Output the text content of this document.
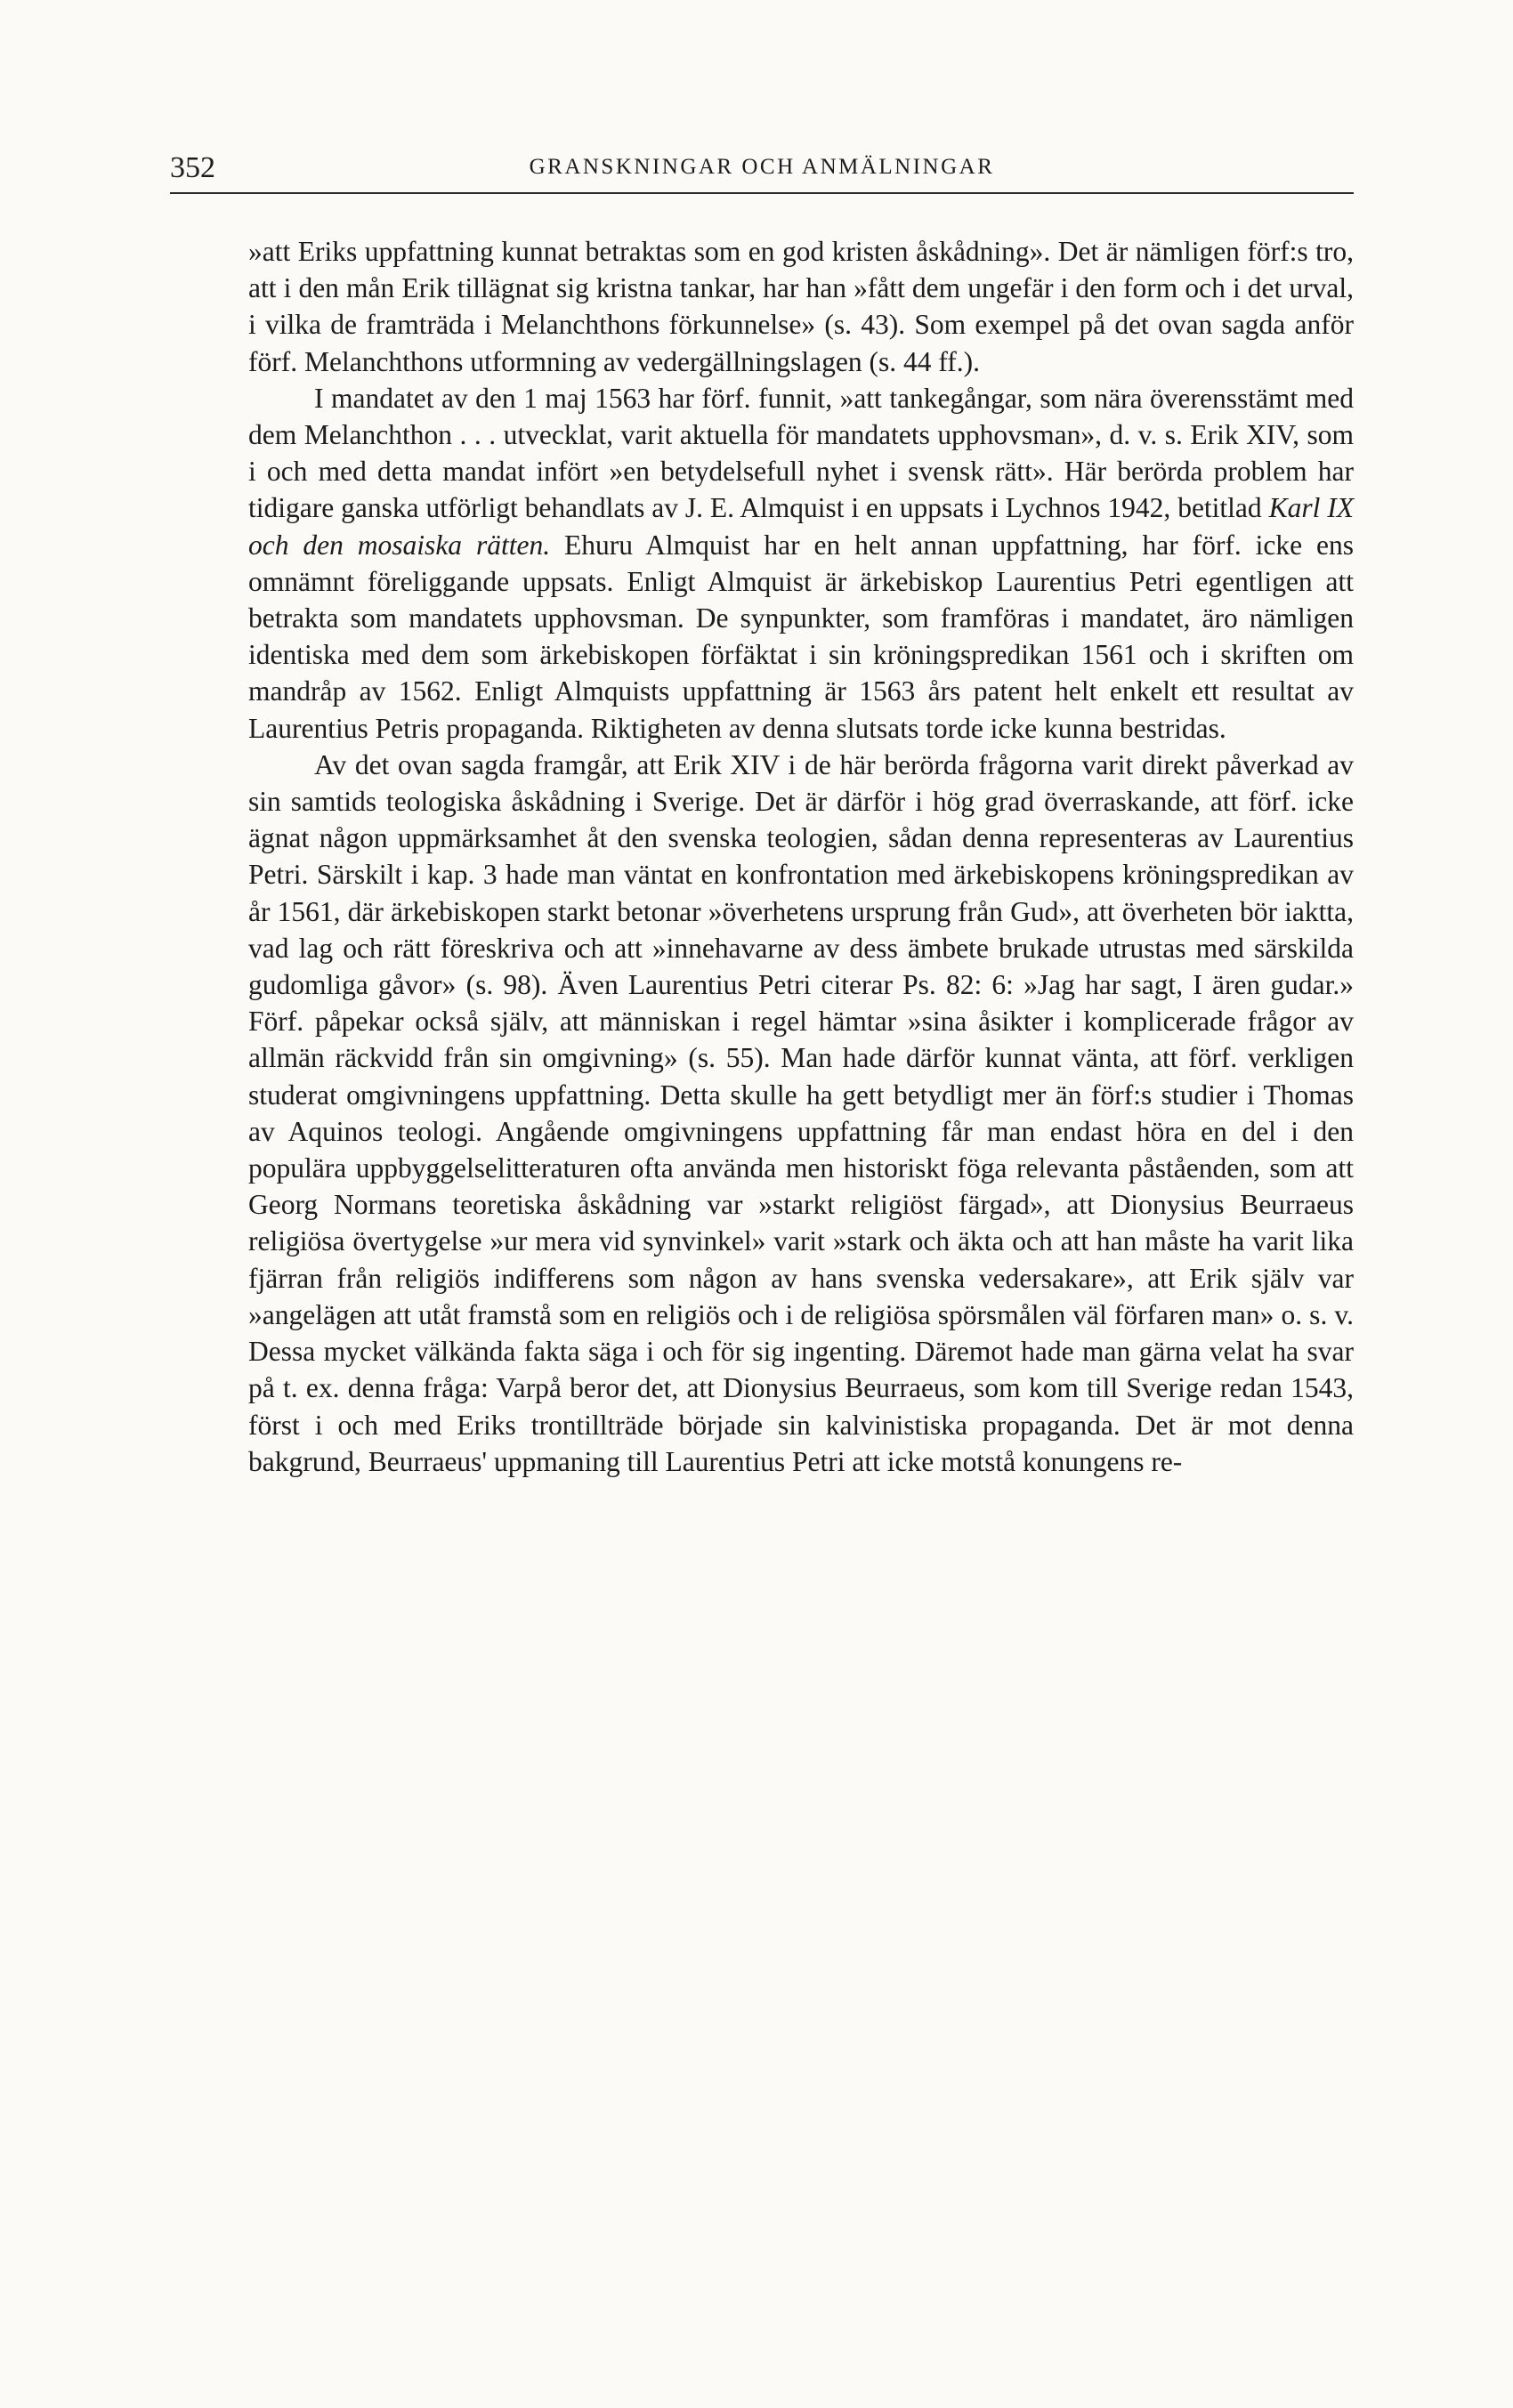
352	GRANSKNINGAR OCH ANMÄLNINGAR

»att Eriks uppfattning kunnat betraktas som en god kristen åskådning». Det är nämligen förf:s tro, att i den mån Erik tillägnat sig kristna tankar, har han »fått dem ungefär i den form och i det urval, i vilka de framträda i Melanchthons förkunnelse» (s. 43). Som exempel på det ovan sagda anför förf. Melanchthons utformning av vedergällningslagen (s. 44 ff.).

I mandatet av den 1 maj 1563 har förf. funnit, »att tankegångar, som nära överensstämt med dem Melanchthon . . . utvecklat, varit aktuella för mandatets upphovsman», d. v. s. Erik XIV, som i och med detta mandat infört »en betydelsefull nyhet i svensk rätt». Här berörda problem har tidigare ganska utförligt behandlats av J. E. Almquist i en uppsats i Lychnos 1942, betitlad Karl IX och den mosaiska rätten. Ehuru Almquist har en helt annan uppfattning, har förf. icke ens omnämnt föreliggande uppsats. Enligt Almquist är ärkebiskop Laurentius Petri egentligen att betrakta som mandatets upphovsman. De synpunkter, som framföras i mandatet, äro nämligen identiska med dem som ärkebiskopen förfäktat i sin kröningspredikan 1561 och i skriften om mandråp av 1562. Enligt Almquists uppfattning är 1563 års patent helt enkelt ett resultat av Laurentius Petris propaganda. Riktigheten av denna slutsats torde icke kunna bestridas.

Av det ovan sagda framgår, att Erik XIV i de här berörda frågorna varit direkt påverkad av sin samtids teologiska åskådning i Sverige. Det är därför i hög grad överraskande, att förf. icke ägnat någon uppmärksamhet åt den svenska teologien, sådan denna representeras av Laurentius Petri. Särskilt i kap. 3 hade man väntat en konfrontation med ärkebiskopens kröningspredikan av år 1561, där ärkebiskopen starkt betonar »överhetens ursprung från Gud», att överheten bör iaktta, vad lag och rätt föreskriva och att »innehavarne av dess ämbete brukade utrustas med särskilda gudomliga gåvor» (s. 98). Även Laurentius Petri citerar Ps. 82: 6: »Jag har sagt, I ären gudar.» Förf. påpekar också själv, att människan i regel hämtar »sina åsikter i komplicerade frågor av allmän räckvidd från sin omgivning» (s. 55). Man hade därför kunnat vänta, att förf. verkligen studerat omgivningens uppfattning. Detta skulle ha gett betydligt mer än förf:s studier i Thomas av Aquinos teologi. Angående omgivningens uppfattning får man endast höra en del i den populära uppbyggelselitteraturen ofta använda men historiskt föga relevanta påståenden, som att Georg Normans teoretiska åskådning var »starkt religiöst färgad», att Dionysius Beurraeus religiösa övertygelse »ur mera vid synvinkel» varit »stark och äkta och att han måste ha varit lika fjärran från religiös indifferens som någon av hans svenska vedersakare», att Erik själv var »angelägen att utåt framstå som en religiös och i de religiösa spörsmålen väl förfaren man» o. s. v. Dessa mycket välkända fakta säga i och för sig ingenting. Däremot hade man gärna velat ha svar på t. ex. denna fråga: Varpå beror det, att Dionysius Beurraeus, som kom till Sverige redan 1543, först i och med Eriks trontillträde började sin kalvinistiska propaganda. Det är mot denna bakgrund, Beurraeus' uppmaning till Laurentius Petri att icke motstå konungens re-
